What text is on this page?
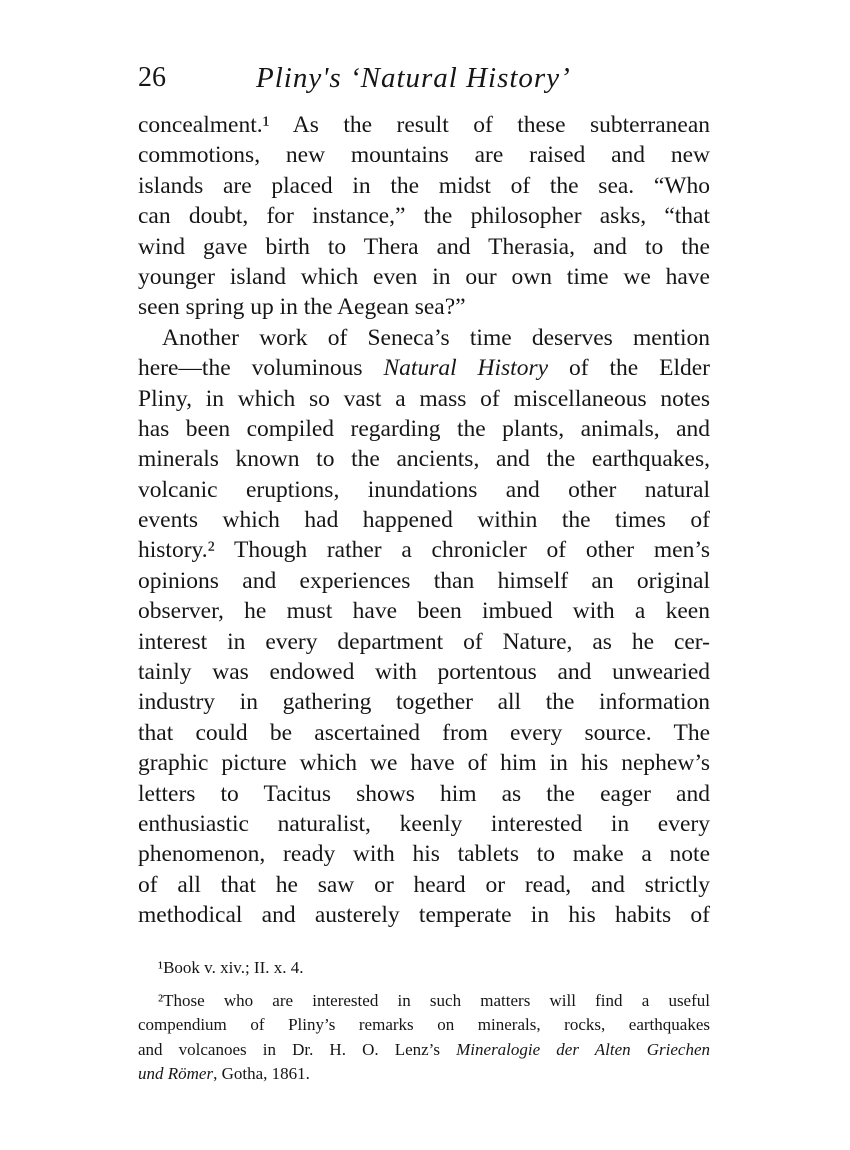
26	Pliny's ‘Natural History’
concealment.¹ As the result of these subterranean
commotions, new mountains are raised and new
islands are placed in the midst of the sea. “Who
can doubt, for instance,” the philosopher asks, “that
wind gave birth to Thera and Therasia, and to the
younger island which even in our own time we have
seen spring up in the Aegean sea?”
Another work of Seneca’s time deserves mention
here—the voluminous Natural History of the Elder
Pliny, in which so vast a mass of miscellaneous notes
has been compiled regarding the plants, animals, and
minerals known to the ancients, and the earthquakes,
volcanic eruptions, inundations and other natural
events which had happened within the times of
history.² Though rather a chronicler of other men’s
opinions and experiences than himself an original
observer, he must have been imbued with a keen
interest in every department of Nature, as he cer-
tainly was endowed with portentous and unwearied
industry in gathering together all the information
that could be ascertained from every source. The
graphic picture which we have of him in his nephew’s
letters to Tacitus shows him as the eager and
enthusiastic naturalist, keenly interested in every
phenomenon, ready with his tablets to make a note
of all that he saw or heard or read, and strictly
methodical and austerely temperate in his habits of
¹Book v. xiv.; II. x. 4.
²Those who are interested in such matters will find a useful
compendium of Pliny’s remarks on minerals, rocks, earthquakes
and volcanoes in Dr. H. O. Lenz’s Mineralogie der Alten Griechen
und Römer, Gotha, 1861.
